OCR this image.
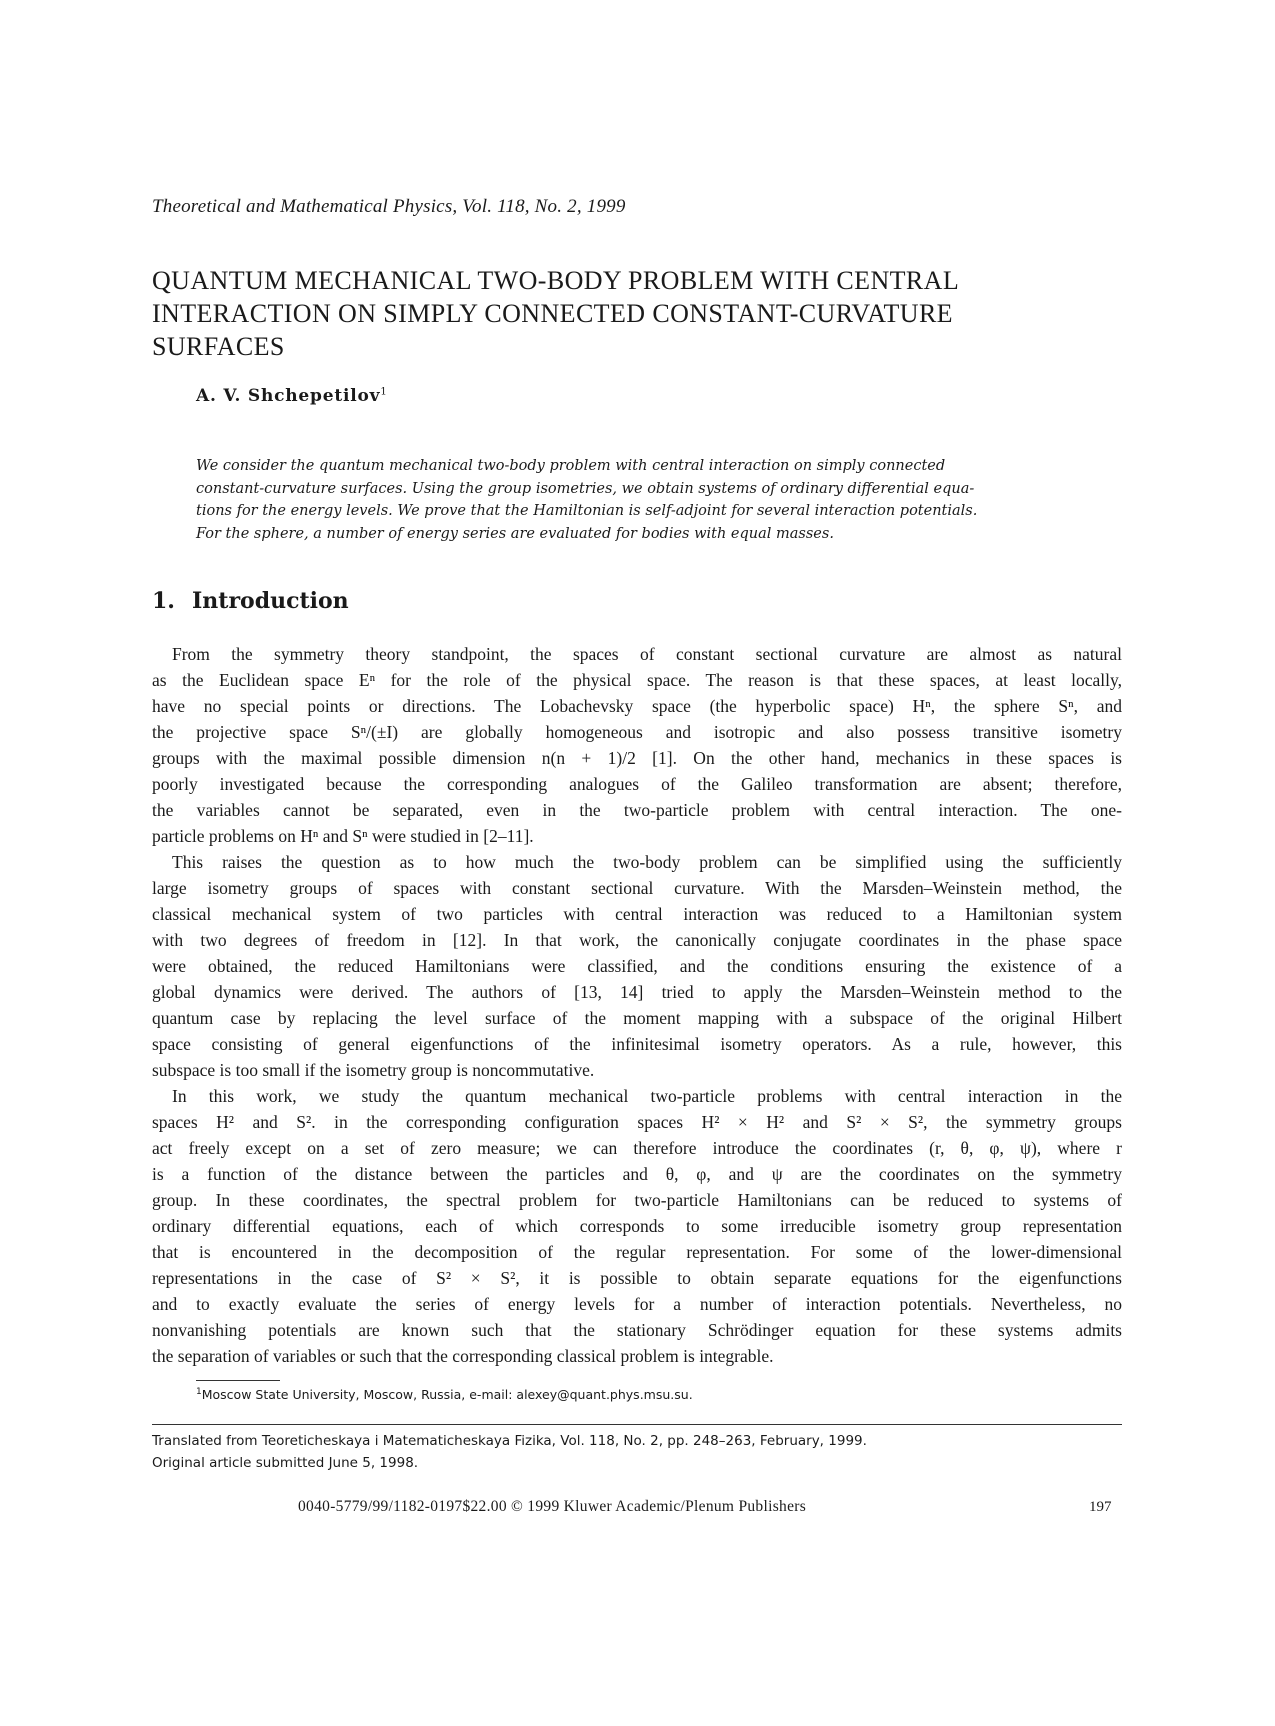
Theoretical and Mathematical Physics, Vol. 118, No. 2, 1999
QUANTUM MECHANICAL TWO-BODY PROBLEM WITH CENTRAL
INTERACTION ON SIMPLY CONNECTED CONSTANT-CURVATURE
SURFACES
A. V. Shchepetilov$^1$
We consider the quantum mechanical two-body problem with central interaction on simply connected
constant-curvature surfaces. Using the group isometries, we obtain systems of ordinary differential equa-
tions for the energy levels. We prove that the Hamiltonian is self-adjoint for several interaction potentials.
For the sphere, a number of energy series are evaluated for bodies with equal masses.
1. Introduction
From the symmetry theory standpoint, the spaces of constant sectional curvature are almost as natural
as the Euclidean space Eⁿ for the role of the physical space. The reason is that these spaces, at least locally,
have no special points or directions. The Lobachevsky space (the hyperbolic space) Hⁿ, the sphere Sⁿ, and
the projective space Sⁿ/(±I) are globally homogeneous and isotropic and also possess transitive isometry
groups with the maximal possible dimension n(n + 1)/2 [1]. On the other hand, mechanics in these spaces is
poorly investigated because the corresponding analogues of the Galileo transformation are absent; therefore,
the variables cannot be separated, even in the two-particle problem with central interaction. The one-
particle problems on Hⁿ and Sⁿ were studied in [2–11].
This raises the question as to how much the two-body problem can be simplified using the sufficiently
large isometry groups of spaces with constant sectional curvature. With the Marsden–Weinstein method, the
classical mechanical system of two particles with central interaction was reduced to a Hamiltonian system
with two degrees of freedom in [12]. In that work, the canonically conjugate coordinates in the phase space
were obtained, the reduced Hamiltonians were classified, and the conditions ensuring the existence of a
global dynamics were derived. The authors of [13, 14] tried to apply the Marsden–Weinstein method to the
quantum case by replacing the level surface of the moment mapping with a subspace of the original Hilbert
space consisting of general eigenfunctions of the infinitesimal isometry operators. As a rule, however, this
subspace is too small if the isometry group is noncommutative.
In this work, we study the quantum mechanical two-particle problems with central interaction in the
spaces H² and S². in the corresponding configuration spaces H² × H² and S² × S², the symmetry groups
act freely except on a set of zero measure; we can therefore introduce the coordinates (r, θ, φ, ψ), where r
is a function of the distance between the particles and θ, φ, and ψ are the coordinates on the symmetry
group. In these coordinates, the spectral problem for two-particle Hamiltonians can be reduced to systems of
ordinary differential equations, each of which corresponds to some irreducible isometry group representation
that is encountered in the decomposition of the regular representation. For some of the lower-dimensional
representations in the case of S² × S², it is possible to obtain separate equations for the eigenfunctions
and to exactly evaluate the series of energy levels for a number of interaction potentials. Nevertheless, no
nonvanishing potentials are known such that the stationary Schrödinger equation for these systems admits
the separation of variables or such that the corresponding classical problem is integrable.
$^1$Moscow State University, Moscow, Russia, e-mail: alexey@quant.phys.msu.su.
Translated from Teoreticheskaya i Matematicheskaya Fizika, Vol. 118, No. 2, pp. 248–263, February, 1999.
Original article submitted June 5, 1998.
0040-5779/99/1182-0197$22.00 © 1999 Kluwer Academic/Plenum Publishers	197
